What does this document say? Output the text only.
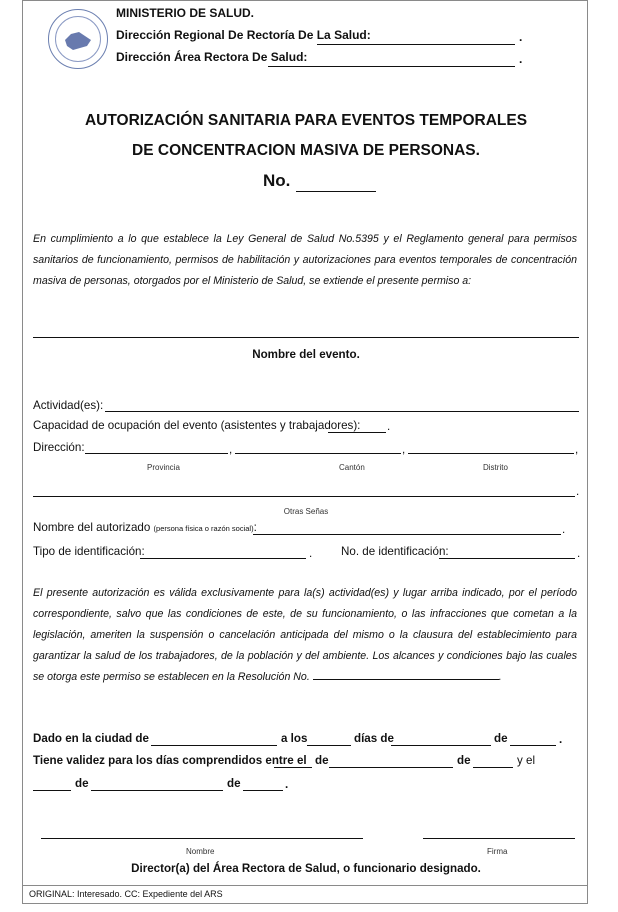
MINISTERIO DE SALUD.
Dirección Regional De Rectoría De La Salud:	.
Dirección Área Rectora De Salud:	.
AUTORIZACIÓN SANITARIA PARA EVENTOS TEMPORALES
DE CONCENTRACION MASIVA DE PERSONAS.
No.
En cumplimiento a lo que establece la Ley General de Salud No.5395 y el Reglamento general para permisos sanitarios de funcionamiento, permisos de habilitación y autorizaciones para eventos temporales de concentración masiva de personas, otorgados por el Ministerio de Salud, se extiende el presente permiso a:
Nombre del evento.
Actividad(es):
Capacidad de ocupación del evento (asistentes y trabajadores): .
Dirección:	,	,	,
Provincia	Cantón	Distrito
.
Otras Señas
Nombre del autorizado (persona física o razón social):	.
Tipo de identificación:	. No. de identificación:	.
El presente autorización es válida exclusivamente para la(s) actividad(es) y lugar arriba indicado, por el período correspondiente, salvo que las condiciones de este, de su funcionamiento, o las infracciones que cometan a la legislación, ameriten la suspensión o cancelación anticipada del mismo o la clausura del establecimiento para garantizar la salud de los trabajadores, de la población y del ambiente. Los alcances y condiciones bajo las cuales se otorga este permiso se establecen en la Resolución No.	.
Dado en la ciudad de	a los	días de	de	.
Tiene validez para los días comprendidos entre el de	de	y el
de	de	.
Nombre	Firma
Director(a) del Área Rectora de Salud, o funcionario designado.
ORIGINAL: Interesado. CC: Expediente del ARS
